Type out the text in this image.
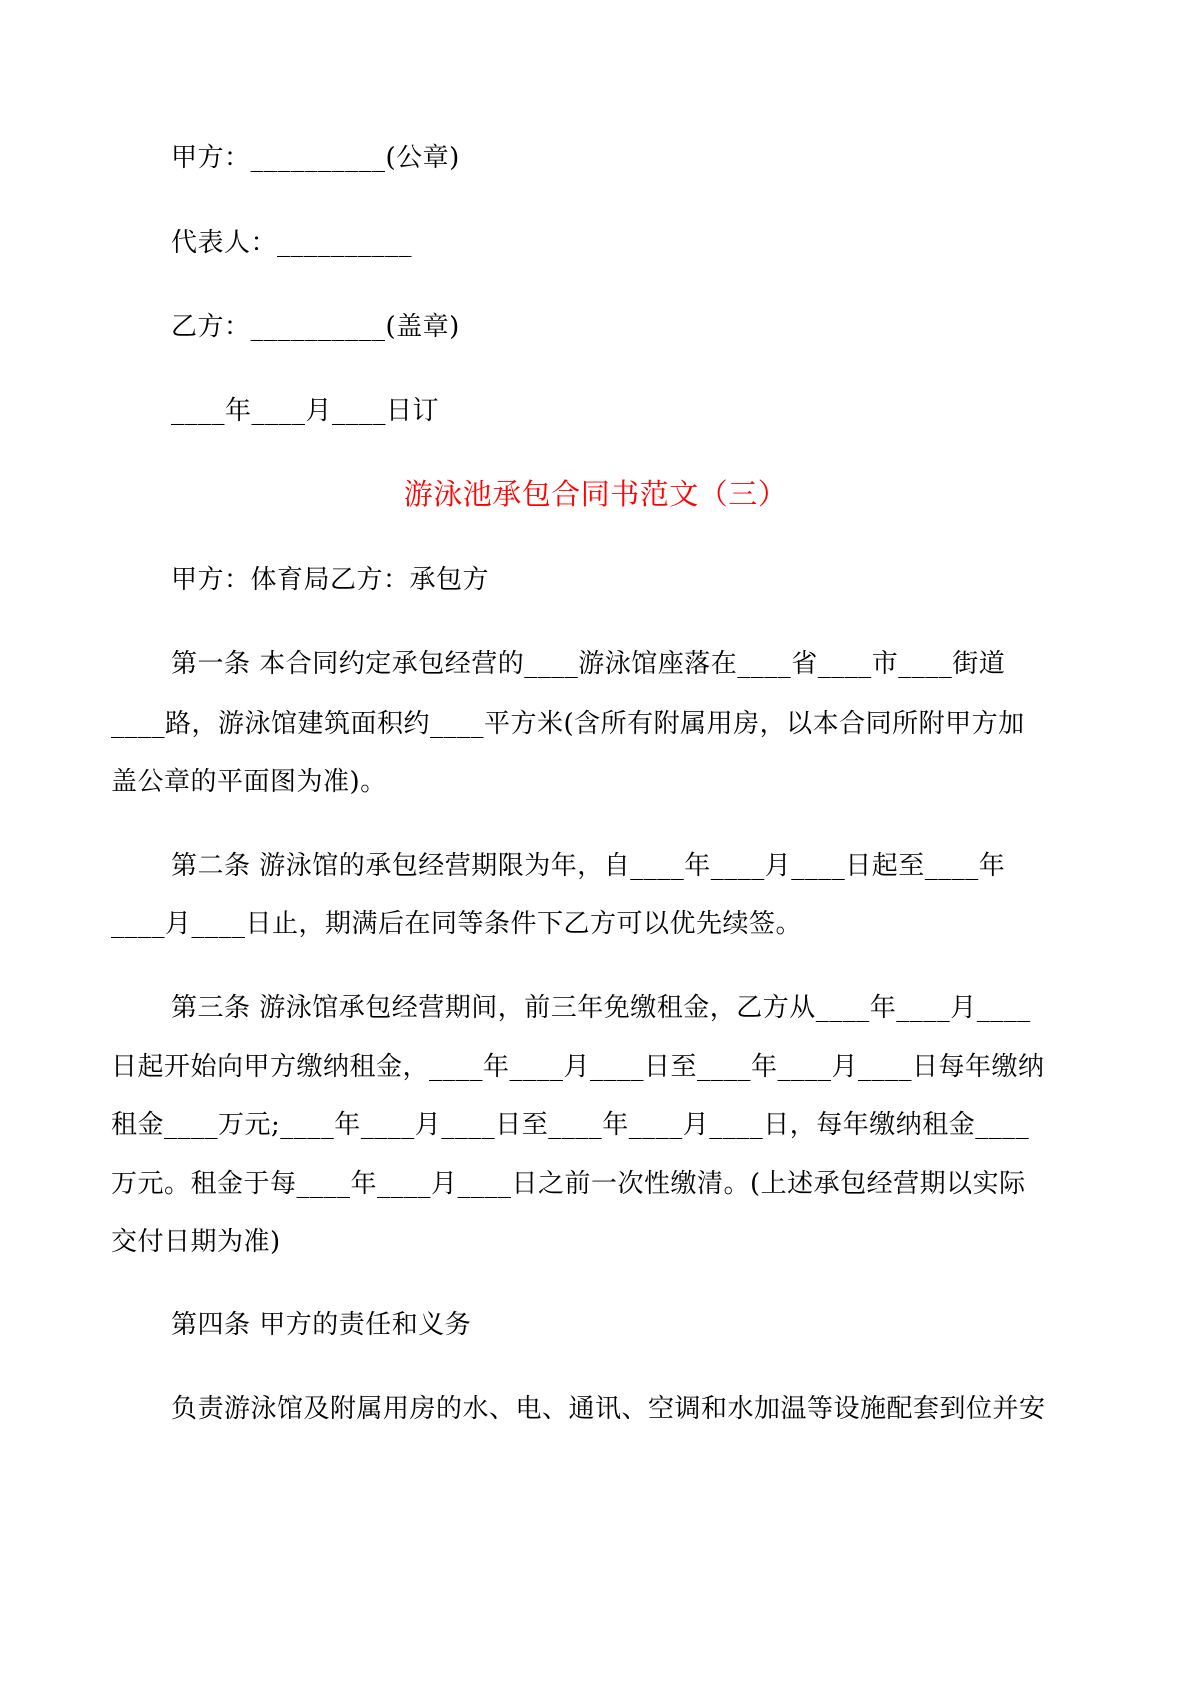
甲方：__________(公章)
代表人：__________
乙方：__________(盖章)
____年____月____日订
游泳池承包合同书范文（三）
甲方：体育局乙方：承包方
第一条 本合同约定承包经营的____游泳馆座落在____省____市____街道
____路，游泳馆建筑面积约____平方米(含所有附属用房，以本合同所附甲方加
盖公章的平面图为准)。
第二条 游泳馆的承包经营期限为年，自____年____月____日起至____年
____月____日止，期满后在同等条件下乙方可以优先续签。
第三条 游泳馆承包经营期间，前三年免缴租金，乙方从____年____月____
日起开始向甲方缴纳租金，____年____月____日至____年____月____日每年缴纳
租金____万元;____年____月____日至____年____月____日，每年缴纳租金____
万元。租金于每____年____月____日之前一次性缴清。(上述承包经营期以实际
交付日期为准)
第四条 甲方的责任和义务
负责游泳馆及附属用房的水、电、通讯、空调和水加温等设施配套到位并安
